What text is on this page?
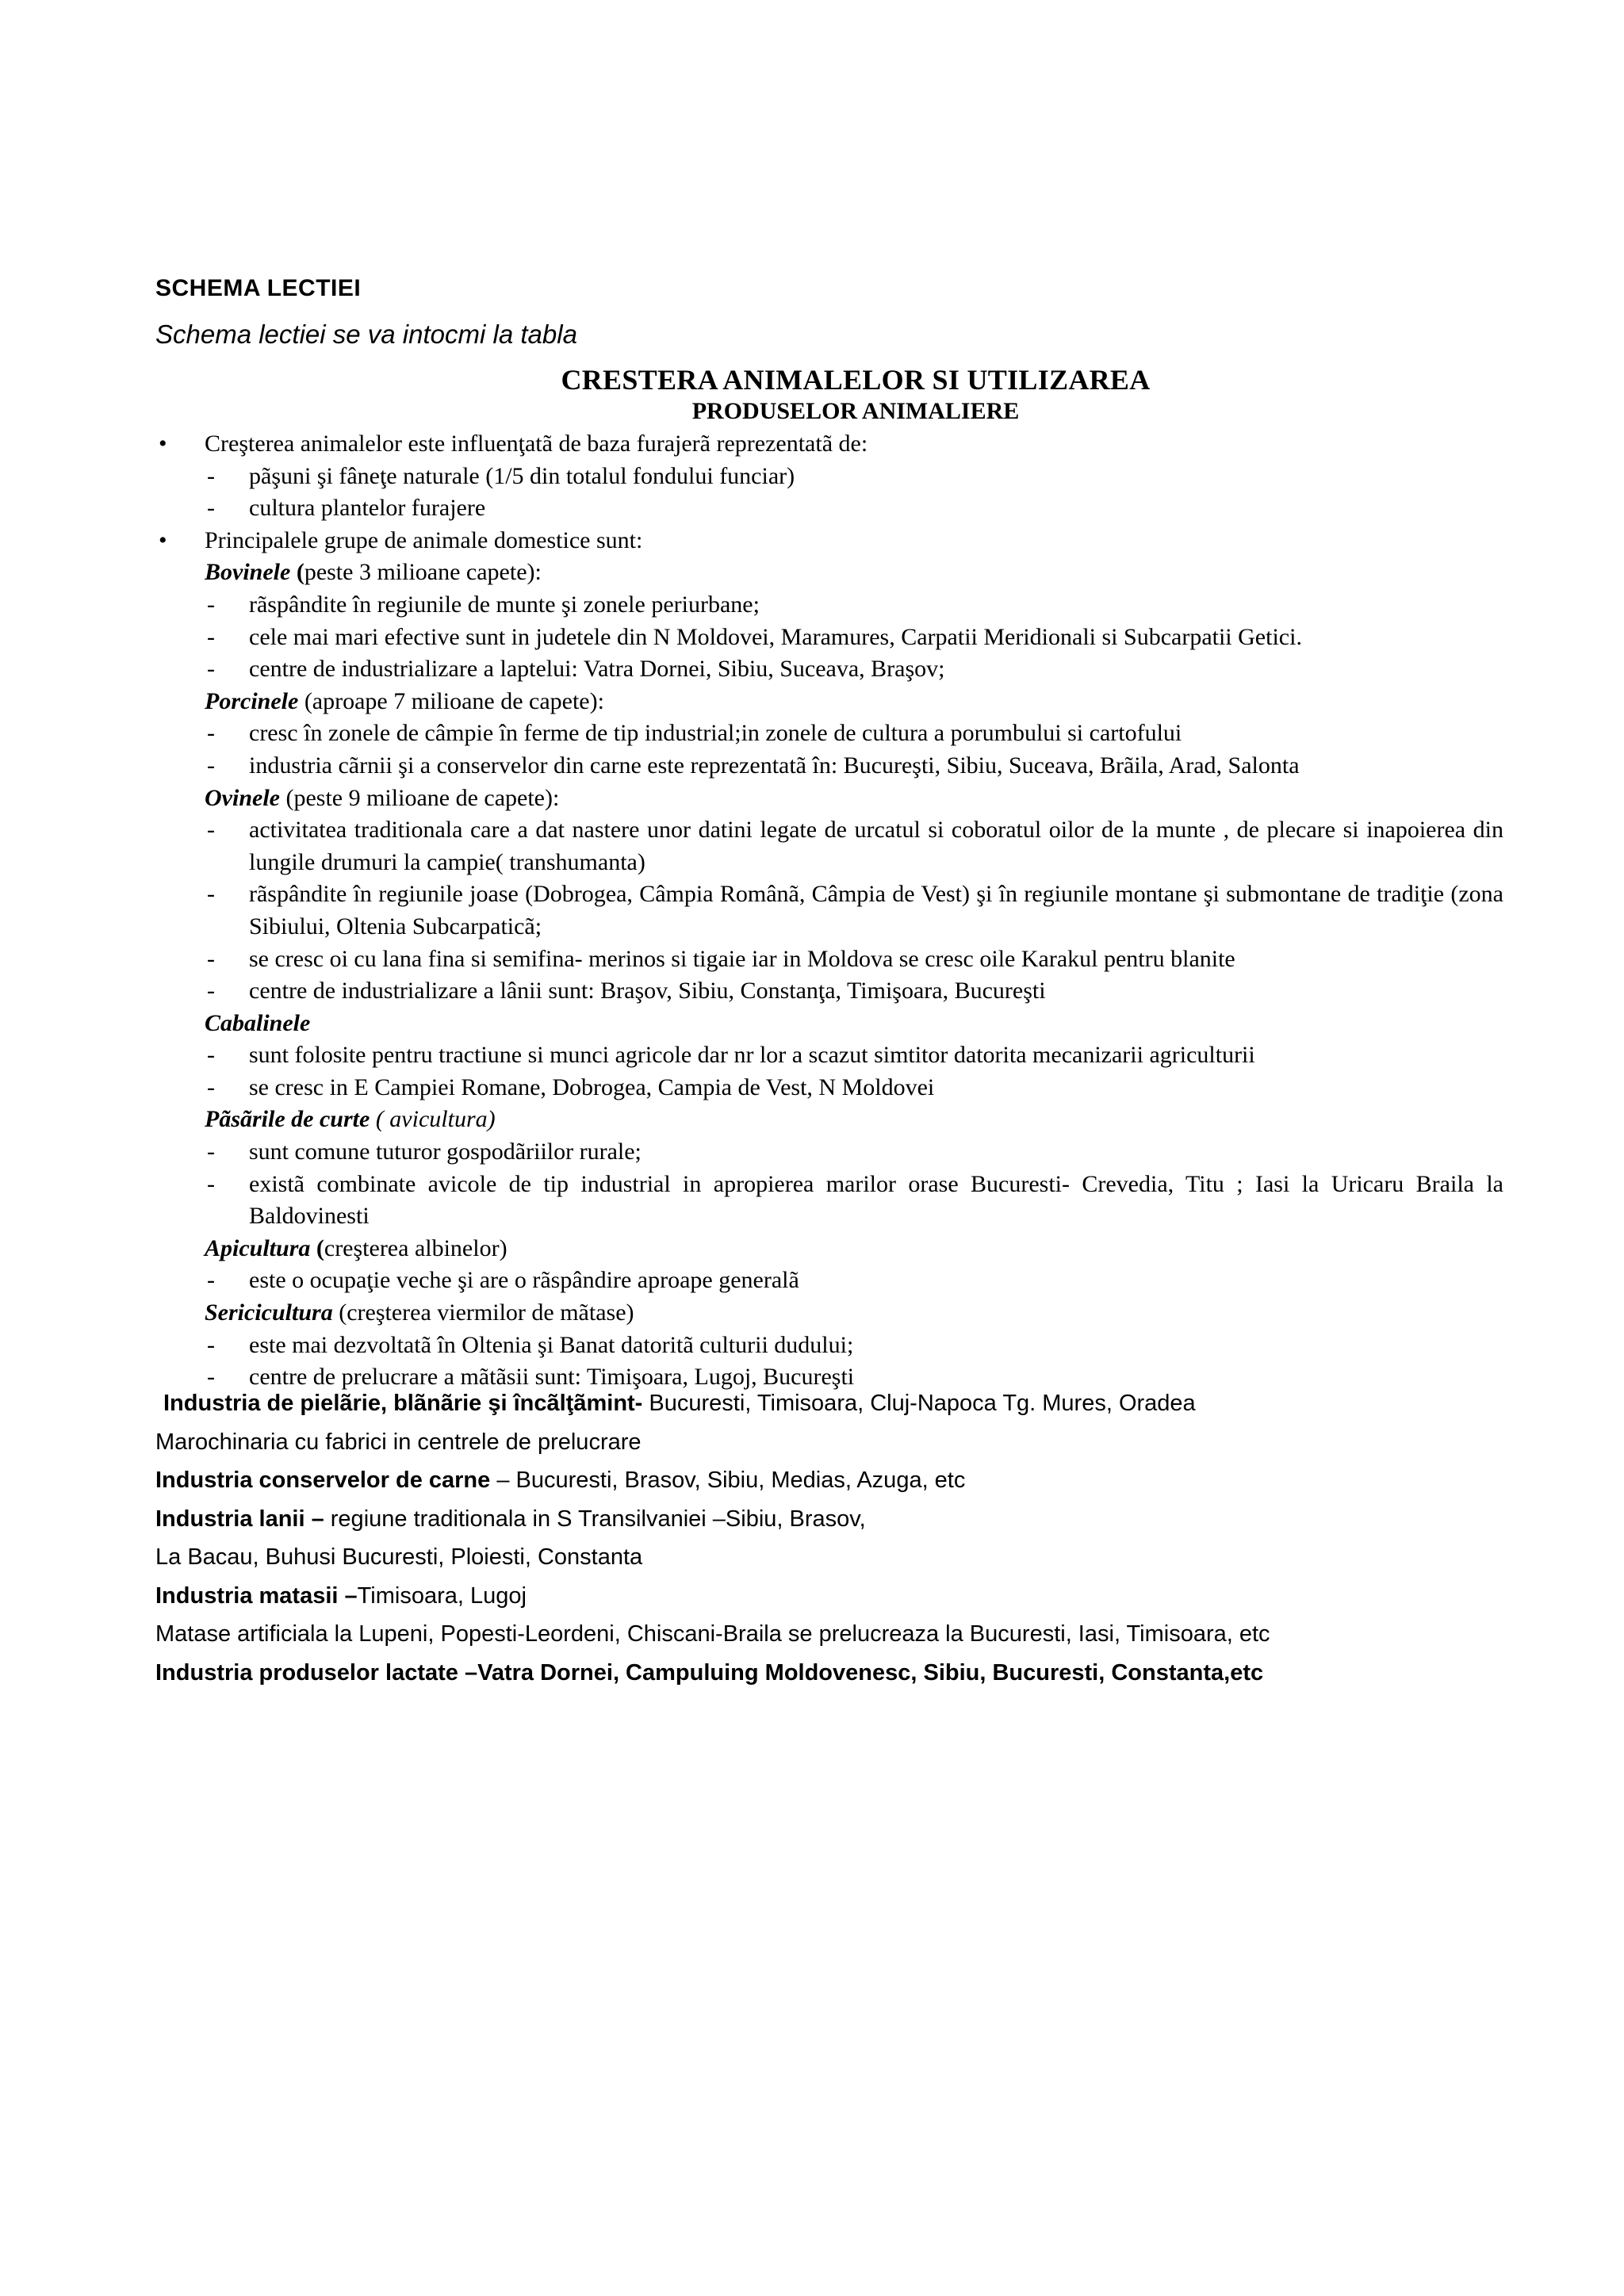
SCHEMA LECTIEI
Schema lectiei se va intocmi la tabla
CRESTERA ANIMALELOR SI UTILIZAREA
PRODUSELOR ANIMALIERE
•	Creşterea animalelor este influenţatã de baza furajerã reprezentatã de:
-	pãşuni şi fâneţe naturale (1/5 din totalul fondului funciar)
-	cultura plantelor furajere
•	Principalele grupe de animale domestice sunt:
Bovinele (peste 3 milioane capete):
-	rãspândite în regiunile de munte şi zonele periurbane;
-	cele mai mari efective sunt in judetele din N Moldovei, Maramures, Carpatii Meridionali si Subcarpatii Getici.
-	centre de industrializare a laptelui: Vatra Dornei, Sibiu, Suceava, Braşov;
Porcinele (aproape 7 milioane de capete):
-	cresc în zonele de câmpie în ferme de tip industrial;in zonele de cultura a porumbului si cartofului
-	industria cãrnii şi a conservelor din carne este reprezentatã în: Bucureşti, Sibiu, Suceava, Brãila, Arad, Salonta
Ovinele (peste 9 milioane de capete):
-	activitatea traditionala care a dat nastere unor datini legate de urcatul si coboratul oilor de la munte , de plecare si inapoierea din lungile drumuri la campie( transhumanta)
-	rãspândite în regiunile joase (Dobrogea, Câmpia Românã, Câmpia de Vest) şi în regiunile montane şi submontane de tradiţie (zona Sibiului, Oltenia Subcarpaticã;
-	se cresc oi cu lana fina si semifina- merinos si tigaie iar in Moldova se cresc oile Karakul pentru blanite
-	centre de industrializare a lânii sunt: Braşov, Sibiu, Constanţa, Timişoara, Bucureşti
Cabalinele
-	sunt folosite pentru tractiune si munci agricole dar nr lor a scazut simtitor datorita mecanizarii agriculturii
-	se cresc in E Campiei Romane, Dobrogea, Campia de Vest, N Moldovei
Pãsãrile de curte ( avicultura)
-	sunt comune tuturor gospodãriilor rurale;
-	existã combinate avicole de tip industrial in apropierea marilor orase Bucuresti- Crevedia, Titu ; Iasi la Uricaru Braila la Baldovinesti
Apicultura (creşterea albinelor)
-	este o ocupaţie veche şi are o rãspândire aproape generalã
Sericicultura (creşterea viermilor de mãtase)
-	este mai dezvoltatã în Oltenia şi Banat datoritã culturii dudului;
-	centre de prelucrare a mãtãsii sunt: Timişoara, Lugoj, Bucureşti
Industria de pielãrie, blãnãrie şi încãlţãmint- Bucuresti, Timisoara, Cluj-Napoca Tg. Mures, Oradea
Marochinaria cu fabrici in centrele de prelucrare
Industria conservelor de carne – Bucuresti, Brasov, Sibiu, Medias, Azuga, etc
Industria lanii – regiune traditionala in S Transilvaniei –Sibiu, Brasov,
La Bacau, Buhusi Bucuresti, Ploiesti, Constanta
Industria matasii –Timisoara, Lugoj
Matase artificiala la Lupeni, Popesti-Leordeni, Chiscani-Braila se prelucreaza la Bucuresti, Iasi, Timisoara, etc
Industria produselor lactate –Vatra Dornei, Campuluing Moldovenesc, Sibiu, Bucuresti, Constanta,etc
